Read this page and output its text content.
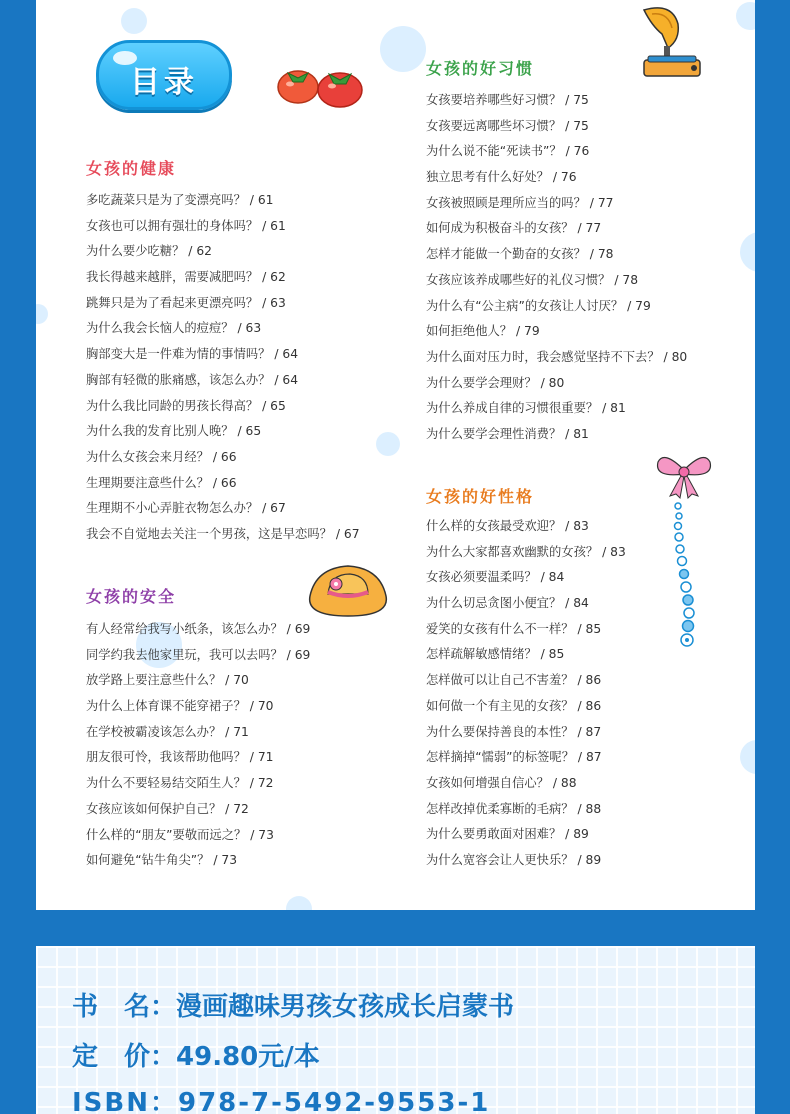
目录
女孩的健康
多吃蔬菜只是为了变漂亮吗？ / 61
女孩也可以拥有强壮的身体吗？ / 61
为什么要少吃糖？ / 62
我长得越来越胖，需要减肥吗？ / 62
跳舞只是为了看起来更漂亮吗？ / 63
为什么我会长恼人的痘痘？ / 63
胸部变大是一件难为情的事情吗？ / 64
胸部有轻微的胀痛感，该怎么办？ / 64
为什么我比同龄的男孩长得高？ / 65
为什么我的发育比别人晚？ / 65
为什么女孩会来月经？ / 66
生理期要注意些什么？ / 66
生理期不小心弄脏衣物怎么办？ / 67
我会不自觉地去关注一个男孩，这是早恋吗？ / 67
女孩的安全
有人经常给我写小纸条，该怎么办？ / 69
同学约我去他家里玩，我可以去吗？ / 69
放学路上要注意些什么？ / 70
为什么上体育课不能穿裙子？ / 70
在学校被霸凌该怎么办？ / 71
朋友很可怜，我该帮助他吗？ / 71
为什么不要轻易结交陌生人？ / 72
女孩应该如何保护自己？ / 72
什么样的“朋友”要敬而远之？ / 73
如何避免“钻牛角尖”？ / 73
女孩的好习惯
女孩要培养哪些好习惯？ / 75
女孩要远离哪些坏习惯？ / 75
为什么说不能“死读书”？ / 76
独立思考有什么好处？ / 76
女孩被照顾是理所应当的吗？ / 77
如何成为积极奋斗的女孩？ / 77
怎样才能做一个勤奋的女孩？ / 78
女孩应该养成哪些好的礼仪习惯？ / 78
为什么有“公主病”的女孩让人讨厌？ / 79
如何拒绝他人？ / 79
为什么面对压力时，我会感觉坚持不下去？ / 80
为什么要学会理财？ / 80
为什么养成自律的习惯很重要？ / 81
为什么要学会理性消费？ / 81
女孩的好性格
什么样的女孩最受欢迎？ / 83
为什么大家都喜欢幽默的女孩？ / 83
女孩必须要温柔吗？ / 84
为什么切忌贪图小便宜？ / 84
爱笑的女孩有什么不一样？ / 85
怎样疏解敏感情绪？ / 85
怎样做可以让自己不害羞？ / 86
如何做一个有主见的女孩？ / 86
为什么要保持善良的本性？ / 87
怎样摘掉“懦弱”的标签呢？ / 87
女孩如何增强自信心？ / 88
怎样改掉优柔寡断的毛病？ / 88
为什么要勇敢面对困难？ / 89
为什么宽容会让人更快乐？ / 89
书　名：漫画趣味男孩女孩成长启蒙书
定　价：49.80元/本
ISBN：978-7-5492-9553-1
